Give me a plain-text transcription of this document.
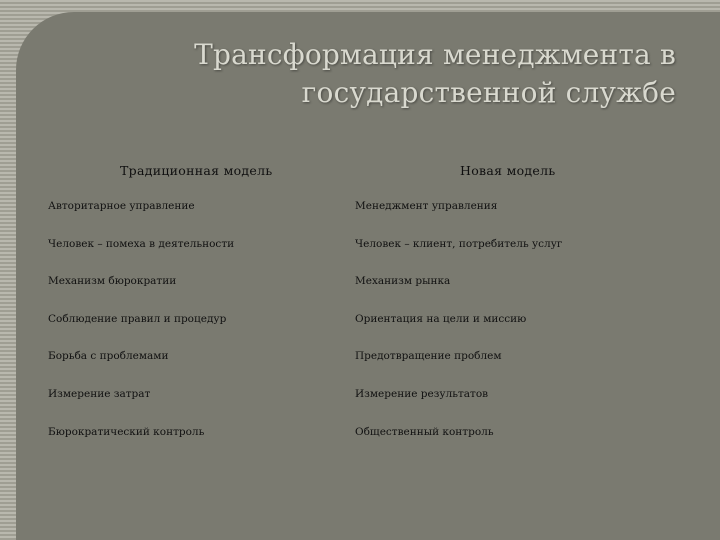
Трансформация менеджмента в
государственной службе
Традиционная модель	Новая модель
Авторитарное управление	Менеджмент управления
Человек – помеха в деятельности	Человек – клиент, потребитель услуг
Механизм бюрократии	Механизм рынка
Соблюдение правил и процедур	Ориентация на цели и миссию
Борьба с проблемами	Предотвращение проблем
Измерение затрат	Измерение результатов
Бюрократический контроль	Общественный контроль
